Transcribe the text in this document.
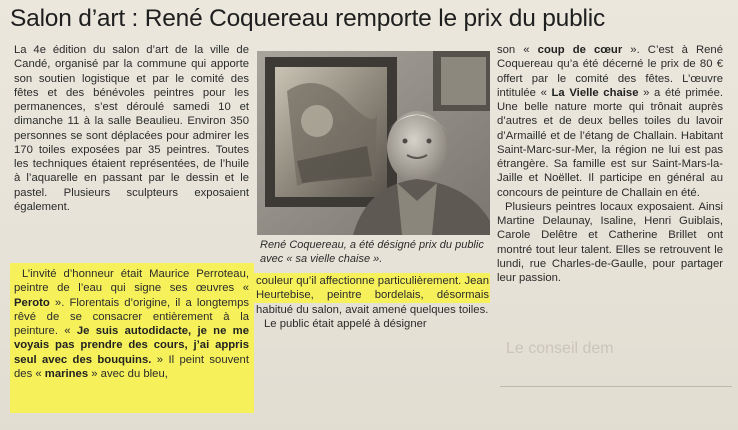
Salon d’art : René Coquereau remporte le prix du public

La 4e édition du salon d’art de la ville de Candé, organisé par la commune qui apporte son soutien logistique et par le comité des fêtes et des bénévoles peintres pour les permanences, s’est déroulé samedi 10 et dimanche 11 à la salle Beaulieu. Environ 350 personnes se sont déplacées pour admirer les 170 toiles exposées par 35 peintres. Toutes les techniques étaient représentées, de l’huile à l’aquarelle en passant par le dessin et le pastel. Plusieurs sculpteurs exposaient également.

L’invité d’honneur était Maurice Perroteau, peintre de l’eau qui signe ses œuvres « Peroto ». Florentais d’origine, il a longtemps rêvé de se consacrer entièrement à la peinture. « Je suis autodidacte, je ne me voyais pas prendre des cours, j’ai appris seul avec des bouquins. » Il peint souvent des « marines » avec du bleu,

René Coquereau, a été désigné prix du public avec « sa vielle chaise ».

couleur qu’il affectionne particulièrement. Jean Heurtebise, peintre bordelais, désormais habitué du salon, avait amené quelques toiles.

Le public était appelé à désigner

son « coup de cœur ». C’est à René Coquereau qu’a été décerné le prix de 80 € offert par le comité des fêtes. L’œuvre intitulée « La Vielle chaise » a été primée. Une belle nature morte qui trônait auprès d’autres et de deux belles toiles du lavoir d’Armaillé et de l’étang de Challain. Habitant Saint-Marc-sur-Mer, la région ne lui est pas étrangère. Sa famille est sur Saint-Mars-la-Jaille et Noëllet. Il participe en général au concours de peinture de Challain en été.

Plusieurs peintres locaux exposaient. Ainsi Martine Delaunay, Isaline, Henri Guiblais, Carole Delêtre et Catherine Brillet ont montré tout leur talent. Elles se retrouvent le lundi, rue Charles-de-Gaulle, pour partager leur passion.

Le conseil dem
